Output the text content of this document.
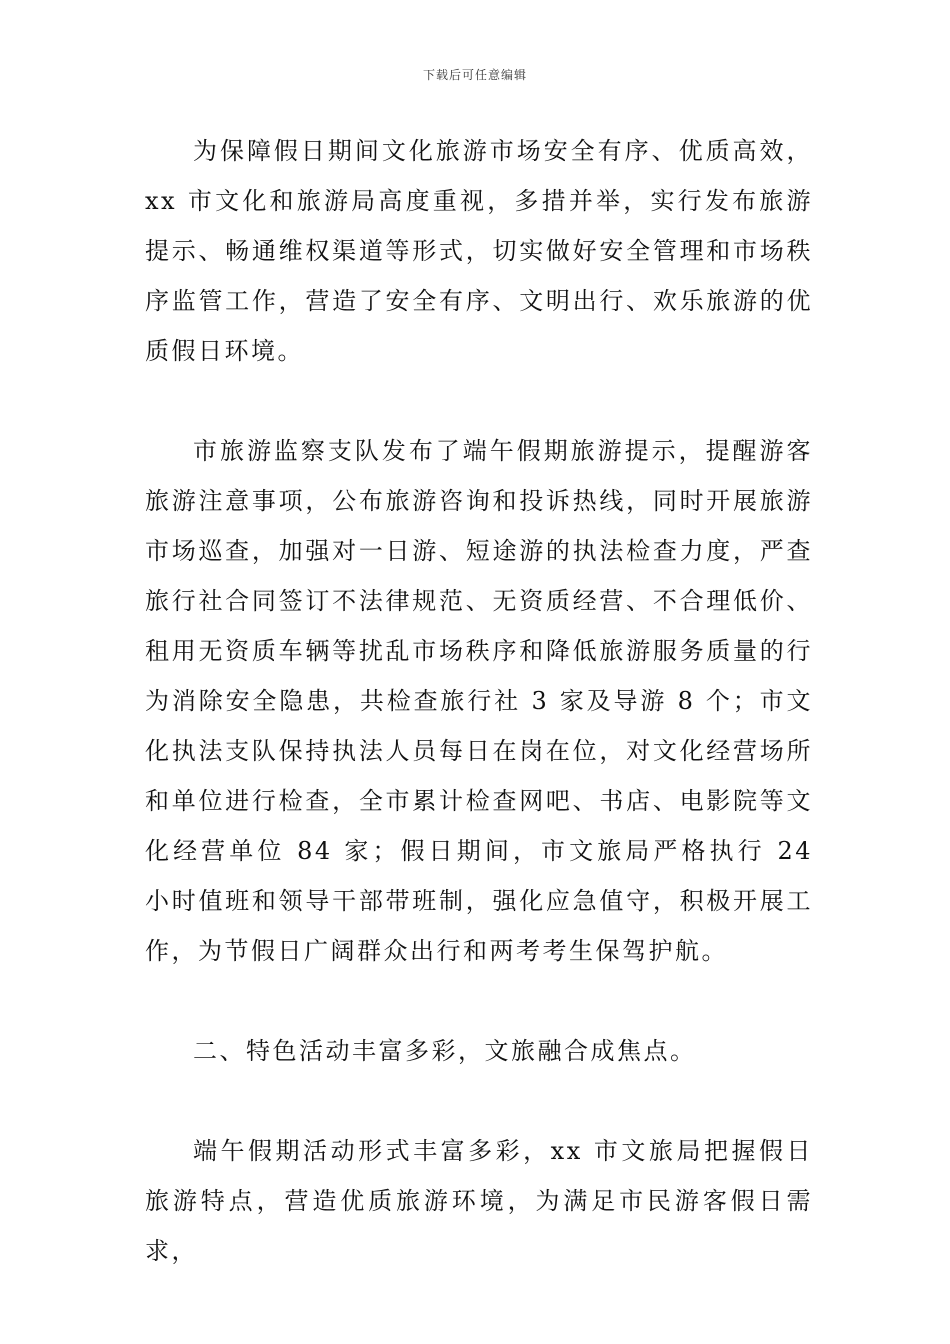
下载后可任意编辑

为保障假日期间文化旅游市场安全有序、优质高效，xx 市文化和旅游局高度重视，多措并举，实行发布旅游提示、畅通维权渠道等形式，切实做好安全管理和市场秩序监管工作，营造了安全有序、文明出行、欢乐旅游的优质假日环境。

市旅游监察支队发布了端午假期旅游提示，提醒游客旅游注意事项，公布旅游咨询和投诉热线，同时开展旅游市场巡查，加强对一日游、短途游的执法检查力度，严查旅行社合同签订不法律规范、无资质经营、不合理低价、租用无资质车辆等扰乱市场秩序和降低旅游服务质量的行为消除安全隐患，共检查旅行社 3 家及导游 8 个；市文化执法支队保持执法人员每日在岗在位，对文化经营场所和单位进行检查，全市累计检查网吧、书店、电影院等文化经营单位 84 家；假日期间，市文旅局严格执行 24 小时值班和领导干部带班制，强化应急值守，积极开展工作，为节假日广阔群众出行和两考考生保驾护航。

二、特色活动丰富多彩，文旅融合成焦点。

端午假期活动形式丰富多彩，xx 市文旅局把握假日旅游特点，营造优质旅游环境，为满足市民游客假日需求，
